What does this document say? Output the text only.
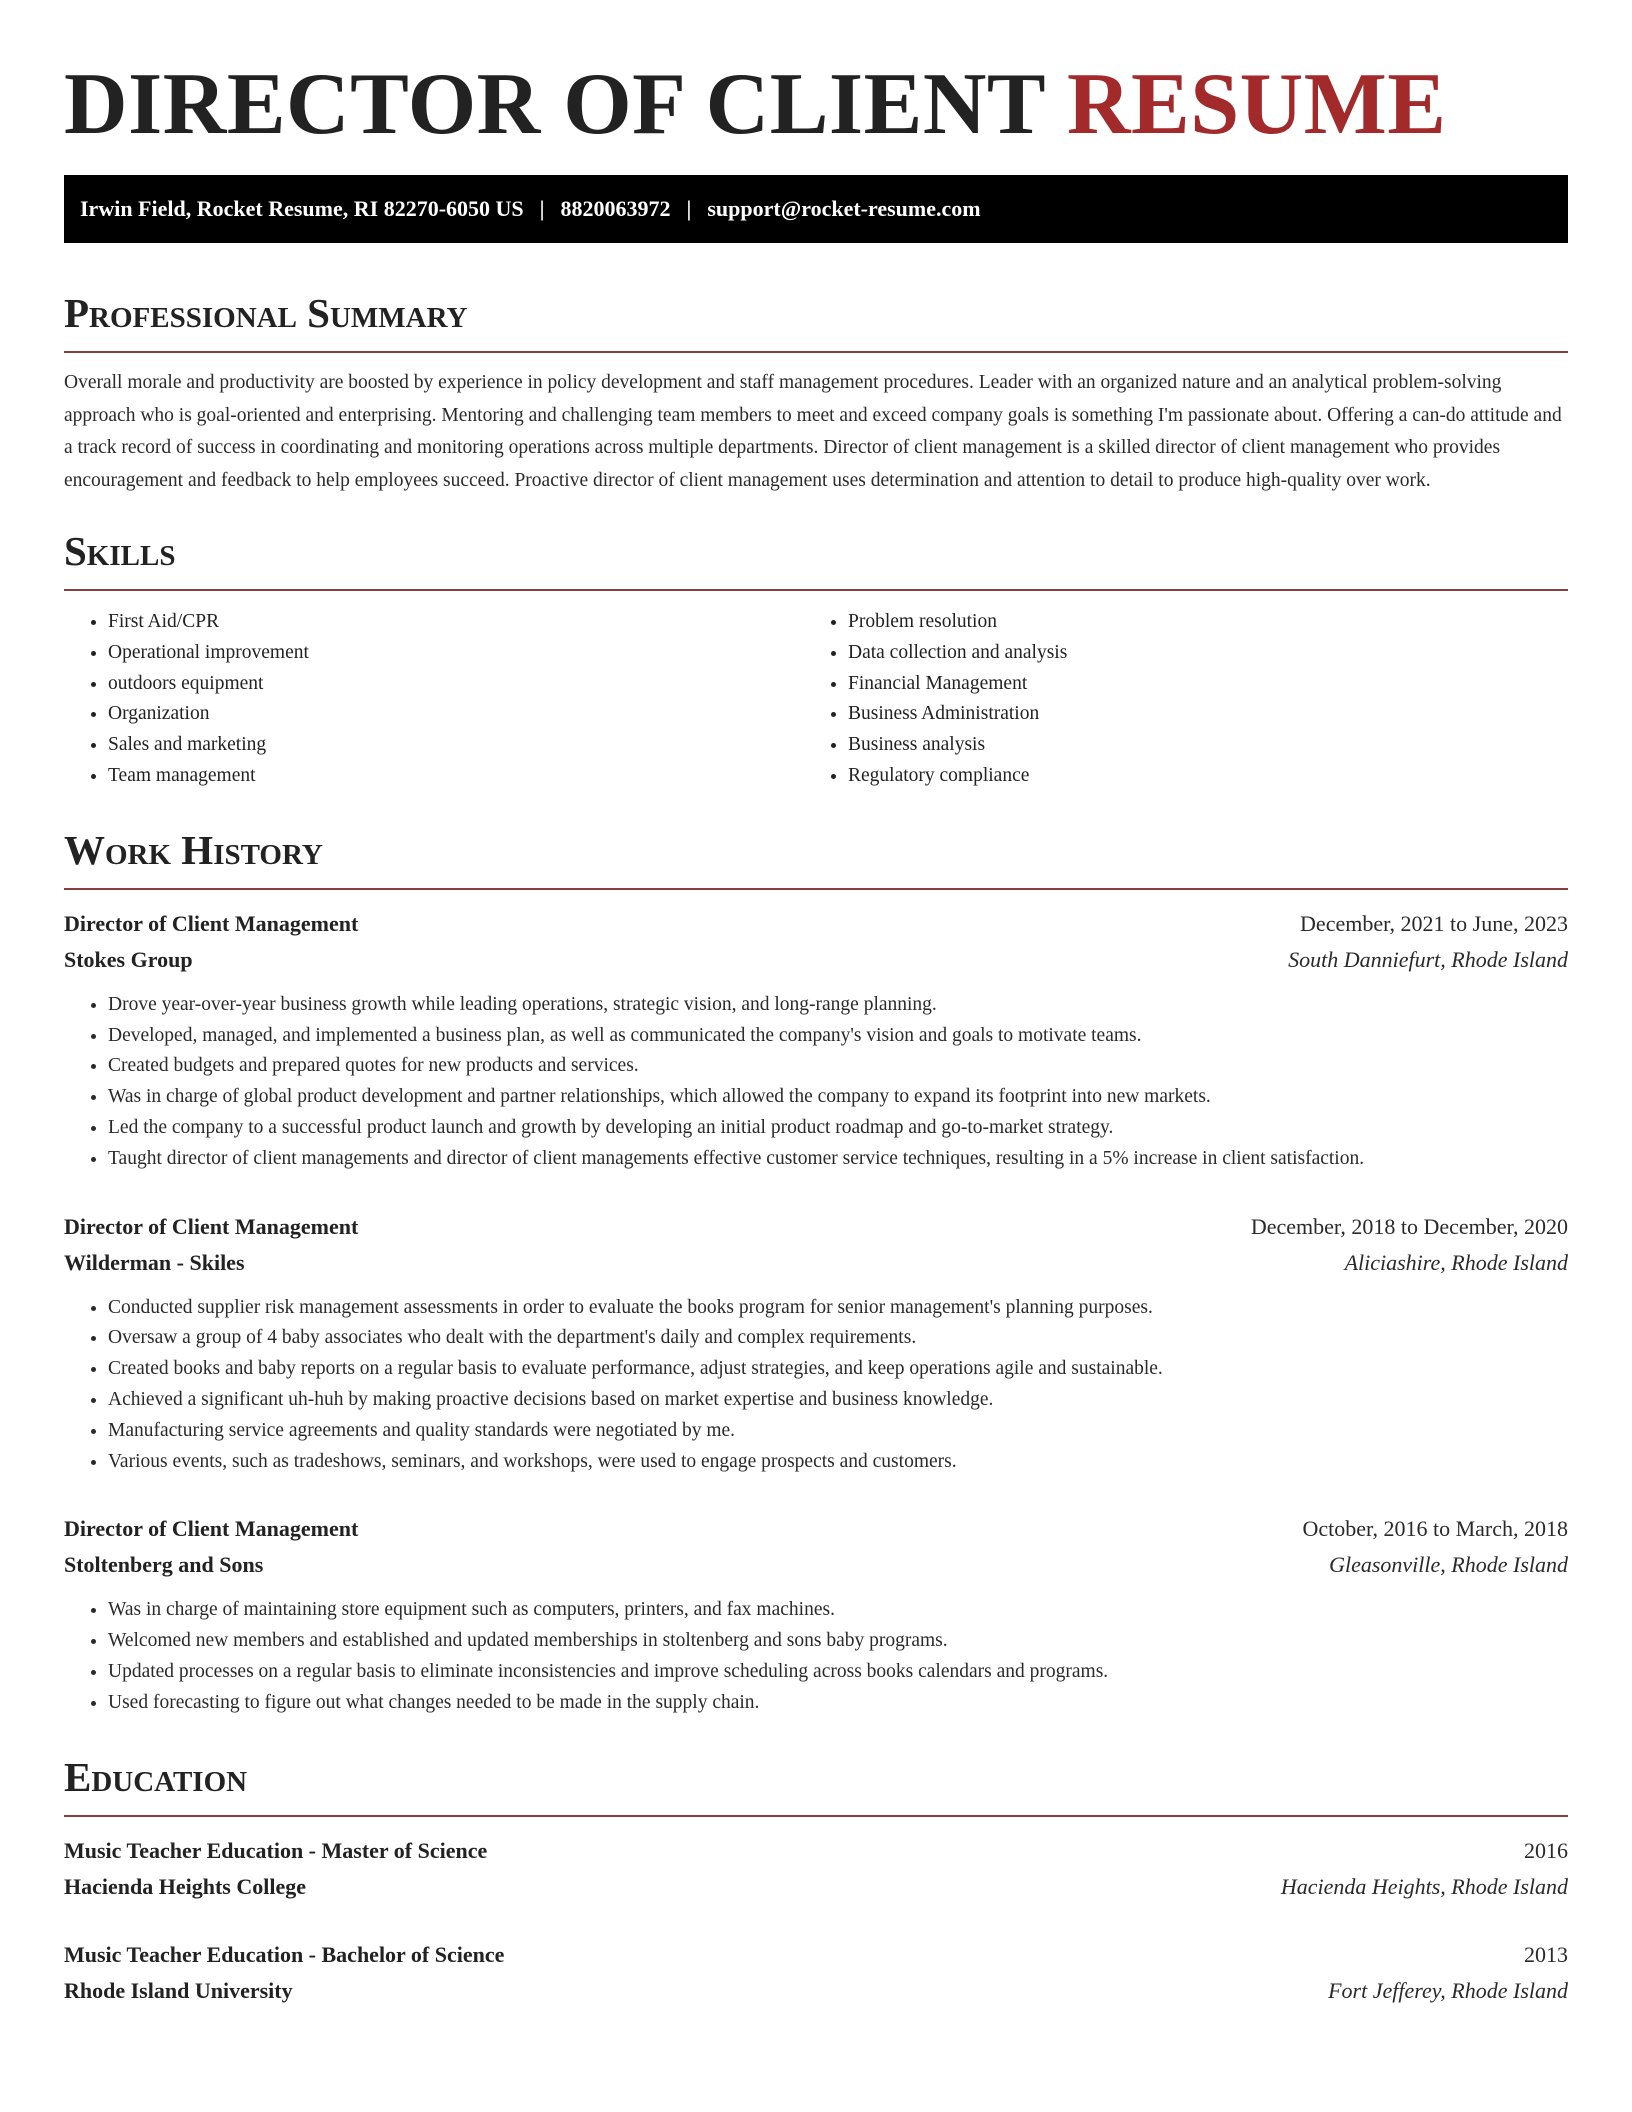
DIRECTOR OF CLIENT RESUME
Irwin Field, Rocket Resume, RI 82270-6050 US | 8820063972 | support@rocket-resume.com
Professional Summary

Overall morale and productivity are boosted by experience in policy development and staff management procedures. Leader with an organized nature and an analytical problem-solving approach who is goal-oriented and enterprising. Mentoring and challenging team members to meet and exceed company goals is something I'm passionate about. Offering a can-do attitude and a track record of success in coordinating and monitoring operations across multiple departments. Director of client management is a skilled director of client management who provides encouragement and feedback to help employees succeed. Proactive director of client management uses determination and attention to detail to produce high-quality over work.

Skills
• First Aid/CPR
• Operational improvement
• outdoors equipment
• Organization
• Sales and marketing
• Team management
• Problem resolution
• Data collection and analysis
• Financial Management
• Business Administration
• Business analysis
• Regulatory compliance
Work History
Director of Client Management	December, 2021 to June, 2023
Stokes Group	South Danniefurt, Rhode Island
• Drove year-over-year business growth while leading operations, strategic vision, and long-range planning.
• Developed, managed, and implemented a business plan, as well as communicated the company's vision and goals to motivate teams.
• Created budgets and prepared quotes for new products and services.
• Was in charge of global product development and partner relationships, which allowed the company to expand its footprint into new markets.
• Led the company to a successful product launch and growth by developing an initial product roadmap and go-to-market strategy.
• Taught director of client managements and director of client managements effective customer service techniques, resulting in a 5% increase in client satisfaction.
Director of Client Management	December, 2018 to December, 2020
Wilderman - Skiles	Aliciashire, Rhode Island
• Conducted supplier risk management assessments in order to evaluate the books program for senior management's planning purposes.
• Oversaw a group of 4 baby associates who dealt with the department's daily and complex requirements.
• Created books and baby reports on a regular basis to evaluate performance, adjust strategies, and keep operations agile and sustainable.
• Achieved a significant uh-huh by making proactive decisions based on market expertise and business knowledge.
• Manufacturing service agreements and quality standards were negotiated by me.
• Various events, such as tradeshows, seminars, and workshops, were used to engage prospects and customers.
Director of Client Management	October, 2016 to March, 2018
Stoltenberg and Sons	Gleasonville, Rhode Island
• Was in charge of maintaining store equipment such as computers, printers, and fax machines.
• Welcomed new members and established and updated memberships in stoltenberg and sons baby programs.
• Updated processes on a regular basis to eliminate inconsistencies and improve scheduling across books calendars and programs.
• Used forecasting to figure out what changes needed to be made in the supply chain.
Education
Music Teacher Education - Master of Science	2016
Hacienda Heights College	Hacienda Heights, Rhode Island
Music Teacher Education - Bachelor of Science	2013
Rhode Island University	Fort Jefferey, Rhode Island
